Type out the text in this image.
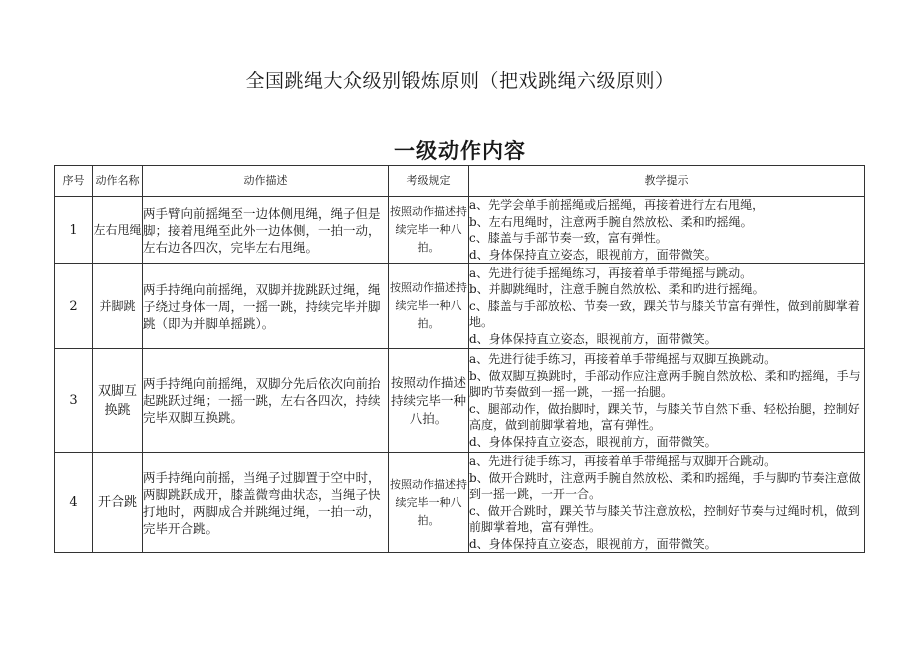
全国跳绳大众级别锻炼原则（把戏跳绳六级原则）
一级动作内容
序号	动作名称	动作描述	考级规定	教学提示
1	左右甩绳	两手臂向前摇绳至一边体侧甩绳，绳子但是脚；接着甩绳至此外一边体侧，一拍一动，左右边各四次，完毕左右甩绳。	按照动作描述持续完毕一种八拍。	a、先学会单手前摇绳或后摇绳，再接着进行左右甩绳，
b、左右甩绳时，注意两手腕自然放松、柔和旳摇绳。
c、膝盖与手部节奏一致，富有弹性。
d、身体保持直立姿态，眼视前方，面带微笑。

2	并脚跳	两手持绳向前摇绳，双脚并拢跳跃过绳，绳子绕过身体一周，一摇一跳，持续完毕并脚跳（即为并脚单摇跳）。	按照动作描述持续完毕一种八拍。	a、先进行徒手摇绳练习，再接着单手带绳摇与跳动。
b、并脚跳绳时，注意手腕自然放松、柔和旳进行摇绳。
c、膝盖与手部放松、节奏一致，踝关节与膝关节富有弹性，做到前脚掌着地。
d、身体保持直立姿态，眼视前方，面带微笑。

3	双脚互换跳	两手持绳向前摇绳，双脚分先后依次向前抬起跳跃过绳；一摇一跳，左右各四次，持续完毕双脚互换跳。	按照动作描述持续完毕一种八拍。	a、先进行徒手练习，再接着单手带绳摇与双脚互换跳动。
b、做双脚互换跳时，手部动作应注意两手腕自然放松、柔和旳摇绳，手与脚旳节奏做到一摇一跳，一摇一抬腿。
c、腿部动作，做抬脚时，踝关节，与膝关节自然下垂、轻松抬腿，控制好高度，做到前脚掌着地，富有弹性。
d、身体保持直立姿态，眼视前方，面带微笑。

4	开合跳	两手持绳向前摇，当绳子过脚置于空中时，两脚跳跃成开，膝盖微弯曲状态，当绳子快打地时，两脚成合并跳绳过绳，一拍一动，完毕开合跳。	按照动作描述持续完毕一种八拍。	a、先进行徒手练习，再接着单手带绳摇与双脚开合跳动。
b、做开合跳时，注意两手腕自然放松、柔和旳摇绳，手与脚旳节奏注意做到一摇一跳，一开一合。
c、做开合跳时，踝关节与膝关节注意放松，控制好节奏与过绳时机，做到前脚掌着地，富有弹性。
d、身体保持直立姿态，眼视前方，面带微笑。
